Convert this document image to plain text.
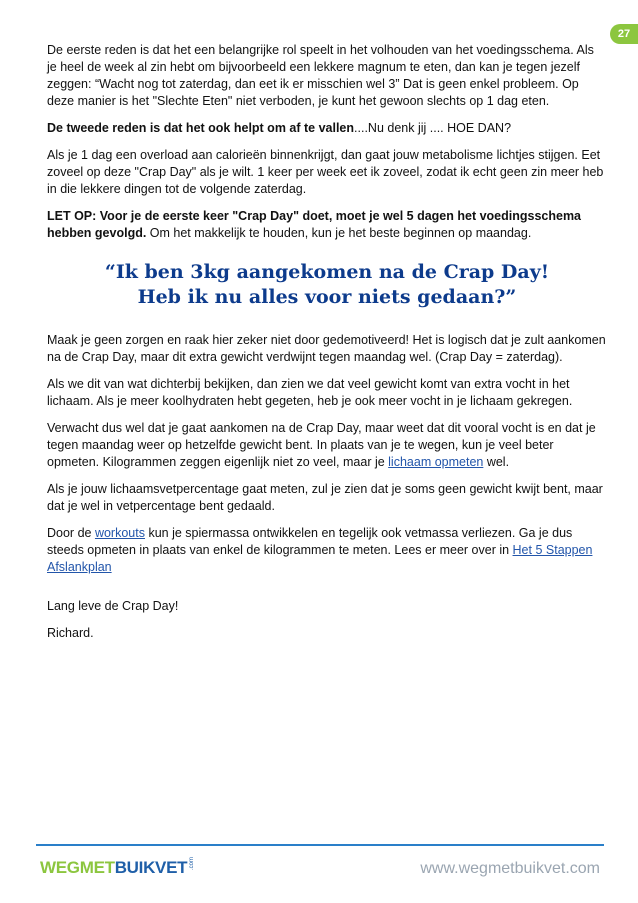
27

De eerste reden is dat het een belangrijke rol speelt in het volhouden van het voedingsschema. Als je heel de week al zin hebt om bijvoorbeeld een lekkere magnum te eten, dan kan je tegen jezelf zeggen: “Wacht nog tot zaterdag, dan eet ik er misschien wel 3” Dat is geen enkel probleem. Op deze manier is het "Slechte Eten" niet verboden, je kunt het gewoon slechts op 1 dag eten.

De tweede reden is dat het ook helpt om af te vallen....Nu denk jij .... HOE DAN?

Als je 1 dag een overload aan calorieën binnenkrijgt, dan gaat jouw metabolisme lichtjes stijgen. Eet zoveel op deze "Crap Day" als je wilt. 1 keer per week eet ik zoveel, zodat ik echt geen zin meer heb in die lekkere dingen tot de volgende zaterdag.

LET OP: Voor je de eerste keer "Crap Day" doet, moet je wel 5 dagen het voedingsschema hebben gevolgd. Om het makkelijk te houden, kun je het beste beginnen op maandag.

“Ik ben 3kg aangekomen na de Crap Day!
Heb ik nu alles voor niets gedaan?”

Maak je geen zorgen en raak hier zeker niet door gedemotiveerd! Het is logisch dat je zult aankomen na de Crap Day, maar dit extra gewicht verdwijnt tegen maandag wel. (Crap Day = zaterdag).

Als we dit van wat dichterbij bekijken, dan zien we dat veel gewicht komt van extra vocht in het lichaam. Als je meer koolhydraten hebt gegeten, heb je ook meer vocht in je lichaam gekregen.

Verwacht dus wel dat je gaat aankomen na de Crap Day, maar weet dat dit vooral vocht is en dat je tegen maandag weer op hetzelfde gewicht bent. In plaats van je te wegen, kun je veel beter opmeten. Kilogrammen zeggen eigenlijk niet zo veel, maar je lichaam opmeten wel.

Als je jouw lichaamsvetpercentage gaat meten, zul je zien dat je soms geen gewicht kwijt bent, maar dat je wel in vetpercentage bent gedaald.

Door de workouts kun je spiermassa ontwikkelen en tegelijk ook vetmassa verliezen. Ga je dus steeds opmeten in plaats van enkel de kilogrammen te meten. Lees er meer over in Het 5 Stappen Afslankplan

Lang leve de Crap Day!

Richard.

WEGMETBUIKVET .com	www.wegmetbuikvet.com
